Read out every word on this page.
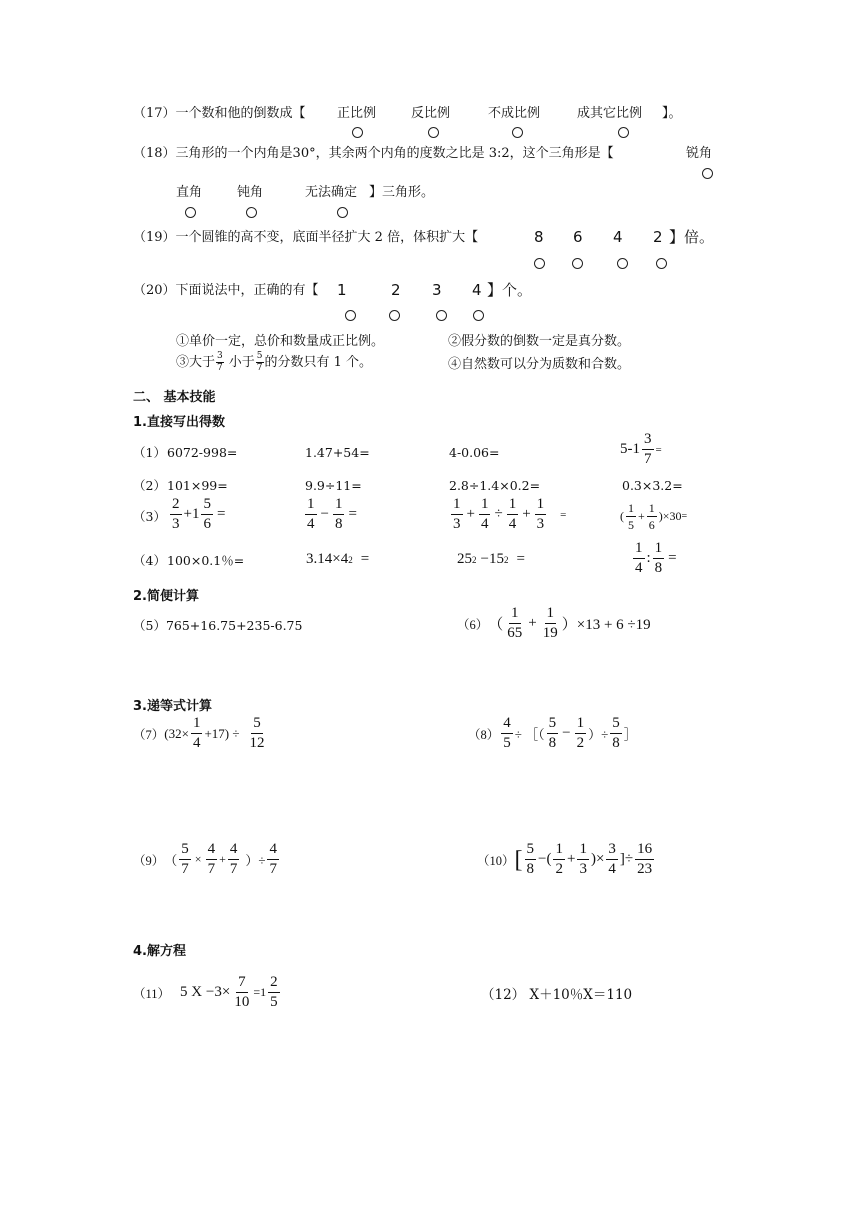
（17）一个数和他的倒数成【 正比例	反比例	不成比例	成其它比例 】。
（18）三角形的一个内角是30°，其余两个内角的度数之比是 3:2，这个三角形是【	锐角
直角	钝角	无法确定 】三角形。
（19）一个圆锥的高不变，底面半径扩大 2 倍，体积扩大【	8 6 4 2 】倍。
（20）下面说法中，正确的有【 1	2 3 4 】个。
①单价一定，总价和数量成正比例。	②假分数的倒数一定是真分数。
③大于 $\frac{3}{7}$ 小于 $\frac{5}{7}$ 的分数只有 1 个。	④自然数可以分为质数和合数。
二、 基本技能
1.直接写出得数
（1） 6072-998=	1.47+54=	4-0.06=	$5-1 \frac{3}{7}$ =
（2） 101×99=	9.9÷11=	2.8÷1.4×0.2=	0.3×3.2=
$(3) \frac{2}{3} +1 \frac{5}{6}$ =	$\frac{1}{4} - \frac{1}{8}$ =	$\frac{1}{3} + \frac{1}{4} \div \frac{1}{4} + \frac{1}{3}$ =	( $\frac{1}{5} + \frac{1}{6} )\times 30$ =
（4） 100×0.1％=	3.14×4 2 =	25 2 −15 2 =	$\frac{1}{4}$ : $\frac{1}{8}$ =
2.简便计算
（5）765+16.75+235-6.75	（6） （ $\frac{1}{65} + \frac{1}{19} )\times 13 + 6 \div 19$
3.递等式计算
（7） $(32\times \frac{1}{4} +17) \div \frac{5}{12}$	$(8) \frac{4}{5}$ ÷ ［（ $\frac{5}{8} - \frac{1}{2}$ ）÷ $\frac{5}{8}$ ］
（9） （ $\frac{5}{7} \times \frac{4}{7} + \frac{4}{7}$ ）÷ $\frac{4}{7}$	（10） [ $\frac{5}{8}$ −( $\frac{1}{2} + \frac{1}{3}$ )× $\frac{3}{4}$ ]÷ $\frac{16}{23}$
4.解方程
（11） 5 $X -3\times \frac{7}{10} =1 \frac{2}{5}$	（12） X＋10％X＝110
